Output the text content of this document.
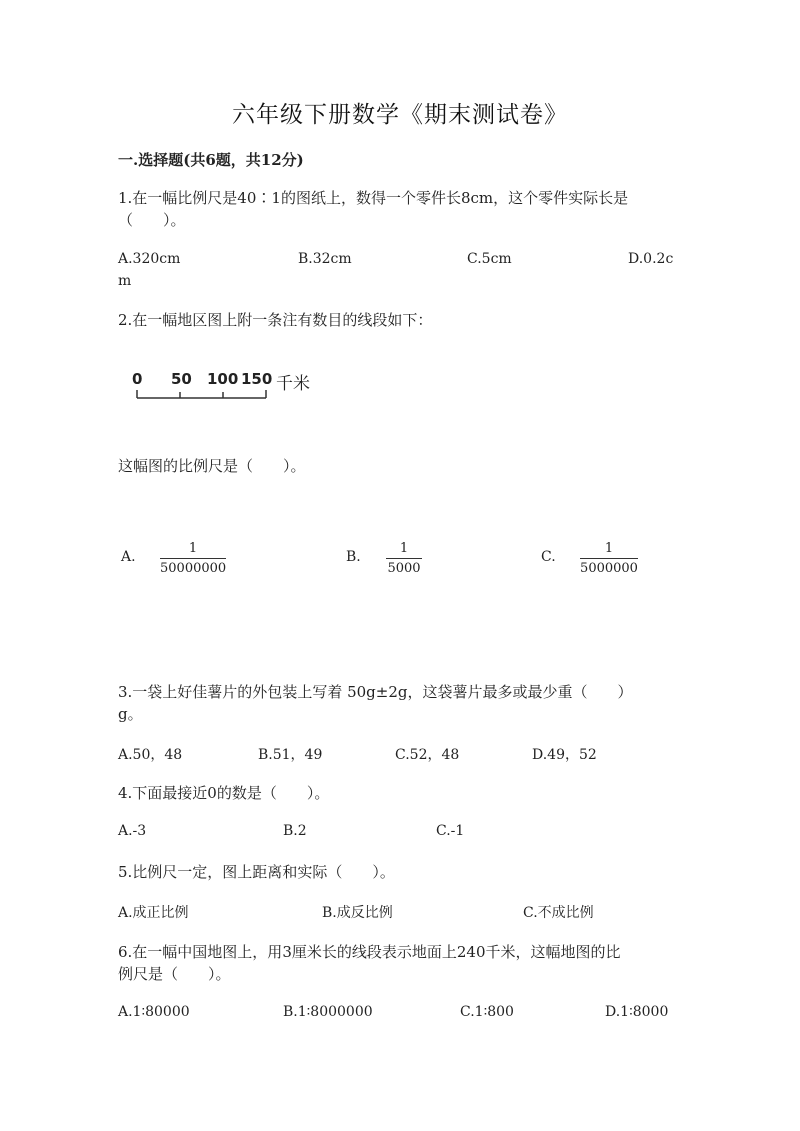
六年级下册数学《期末测试卷》
一.选择题(共6题，共12分)
1.在一幅比例尺是40∶1的图纸上，数得一个零件长8cm，这个零件实际长是
（　　）。
A.320cm	B.32cm	C.5cm	D.0.2c
m
2.在一幅地区图上附一条注有数目的线段如下：
0 50 100 150 千米
这幅图的比例尺是（　　）。
A.
1
50000000
B.
1
5000
C.
1
5000000
3.一袋上好佳薯片的外包装上写着 50g±2g，这袋薯片最多或最少重（　　）
g。
A.50，48	B.51，49	C.52，48	D.49，52
4.下面最接近0的数是（　　）。
A.-3	B.2	C.-1
5.比例尺一定，图上距离和实际（　　）。
A.成正比例	B.成反比例	C.不成比例
6.在一幅中国地图上，用3厘米长的线段表示地面上240千米，这幅地图的比
例尺是（　　）。
A.1∶80000	B.1∶8000000	C.1∶800	D.1∶8000
